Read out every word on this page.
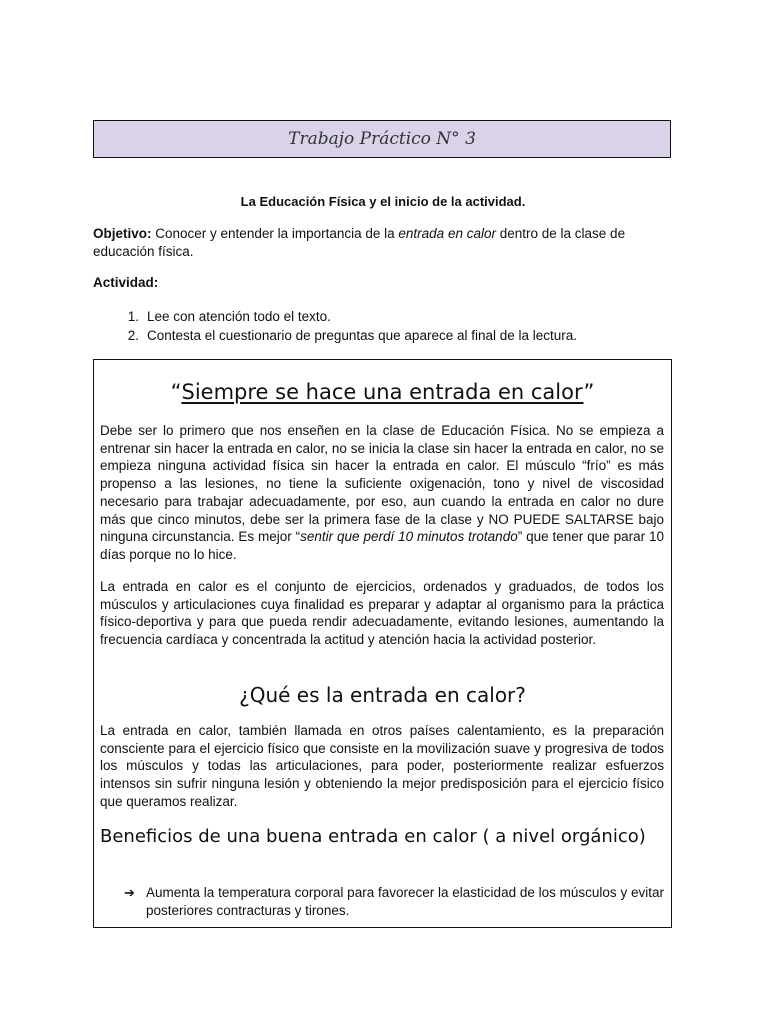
Trabajo Práctico N° 3
La Educación Física y el inicio de la actividad.
Objetivo: Conocer y entender la importancia de la entrada en calor dentro de la clase de educación física.
Actividad:
1. Lee con atención todo el texto.
2. Contesta el cuestionario de preguntas que aparece al final de la lectura.
“Siempre se hace una entrada en calor”
Debe ser lo primero que nos enseñen en la clase de Educación Física. No se empieza a entrenar sin hacer la entrada en calor, no se inicia la clase sin hacer la entrada en calor, no se empieza ninguna actividad física sin hacer la entrada en calor. El músculo “frío” es más propenso a las lesiones, no tiene la suficiente oxigenación, tono y nivel de viscosidad necesario para trabajar adecuadamente, por eso, aun cuando la entrada en calor no dure más que cinco minutos, debe ser la primera fase de la clase y NO PUEDE SALTARSE bajo ninguna circunstancia. Es mejor “sentir que perdí 10 minutos trotando” que tener que parar 10 días porque no lo hice.
La entrada en calor es el conjunto de ejercicios, ordenados y graduados, de todos los músculos y articulaciones cuya finalidad es preparar y adaptar al organismo para la práctica físico-deportiva y para que pueda rendir adecuadamente, evitando lesiones, aumentando la frecuencia cardíaca y concentrada la actitud y atención hacia la actividad posterior.
¿Qué es la entrada en calor?
La entrada en calor, también llamada en otros países calentamiento, es la preparación consciente para el ejercicio físico que consiste en la movilización suave y progresiva de todos los músculos y todas las articulaciones, para poder, posteriormente realizar esfuerzos intensos sin sufrir ninguna lesión y obteniendo la mejor predisposición para el ejercicio físico que queramos realizar.
Beneficios de una buena entrada en calor ( a nivel orgánico)
➔ Aumenta la temperatura corporal para favorecer la elasticidad de los músculos y evitar posteriores contracturas y tirones.
